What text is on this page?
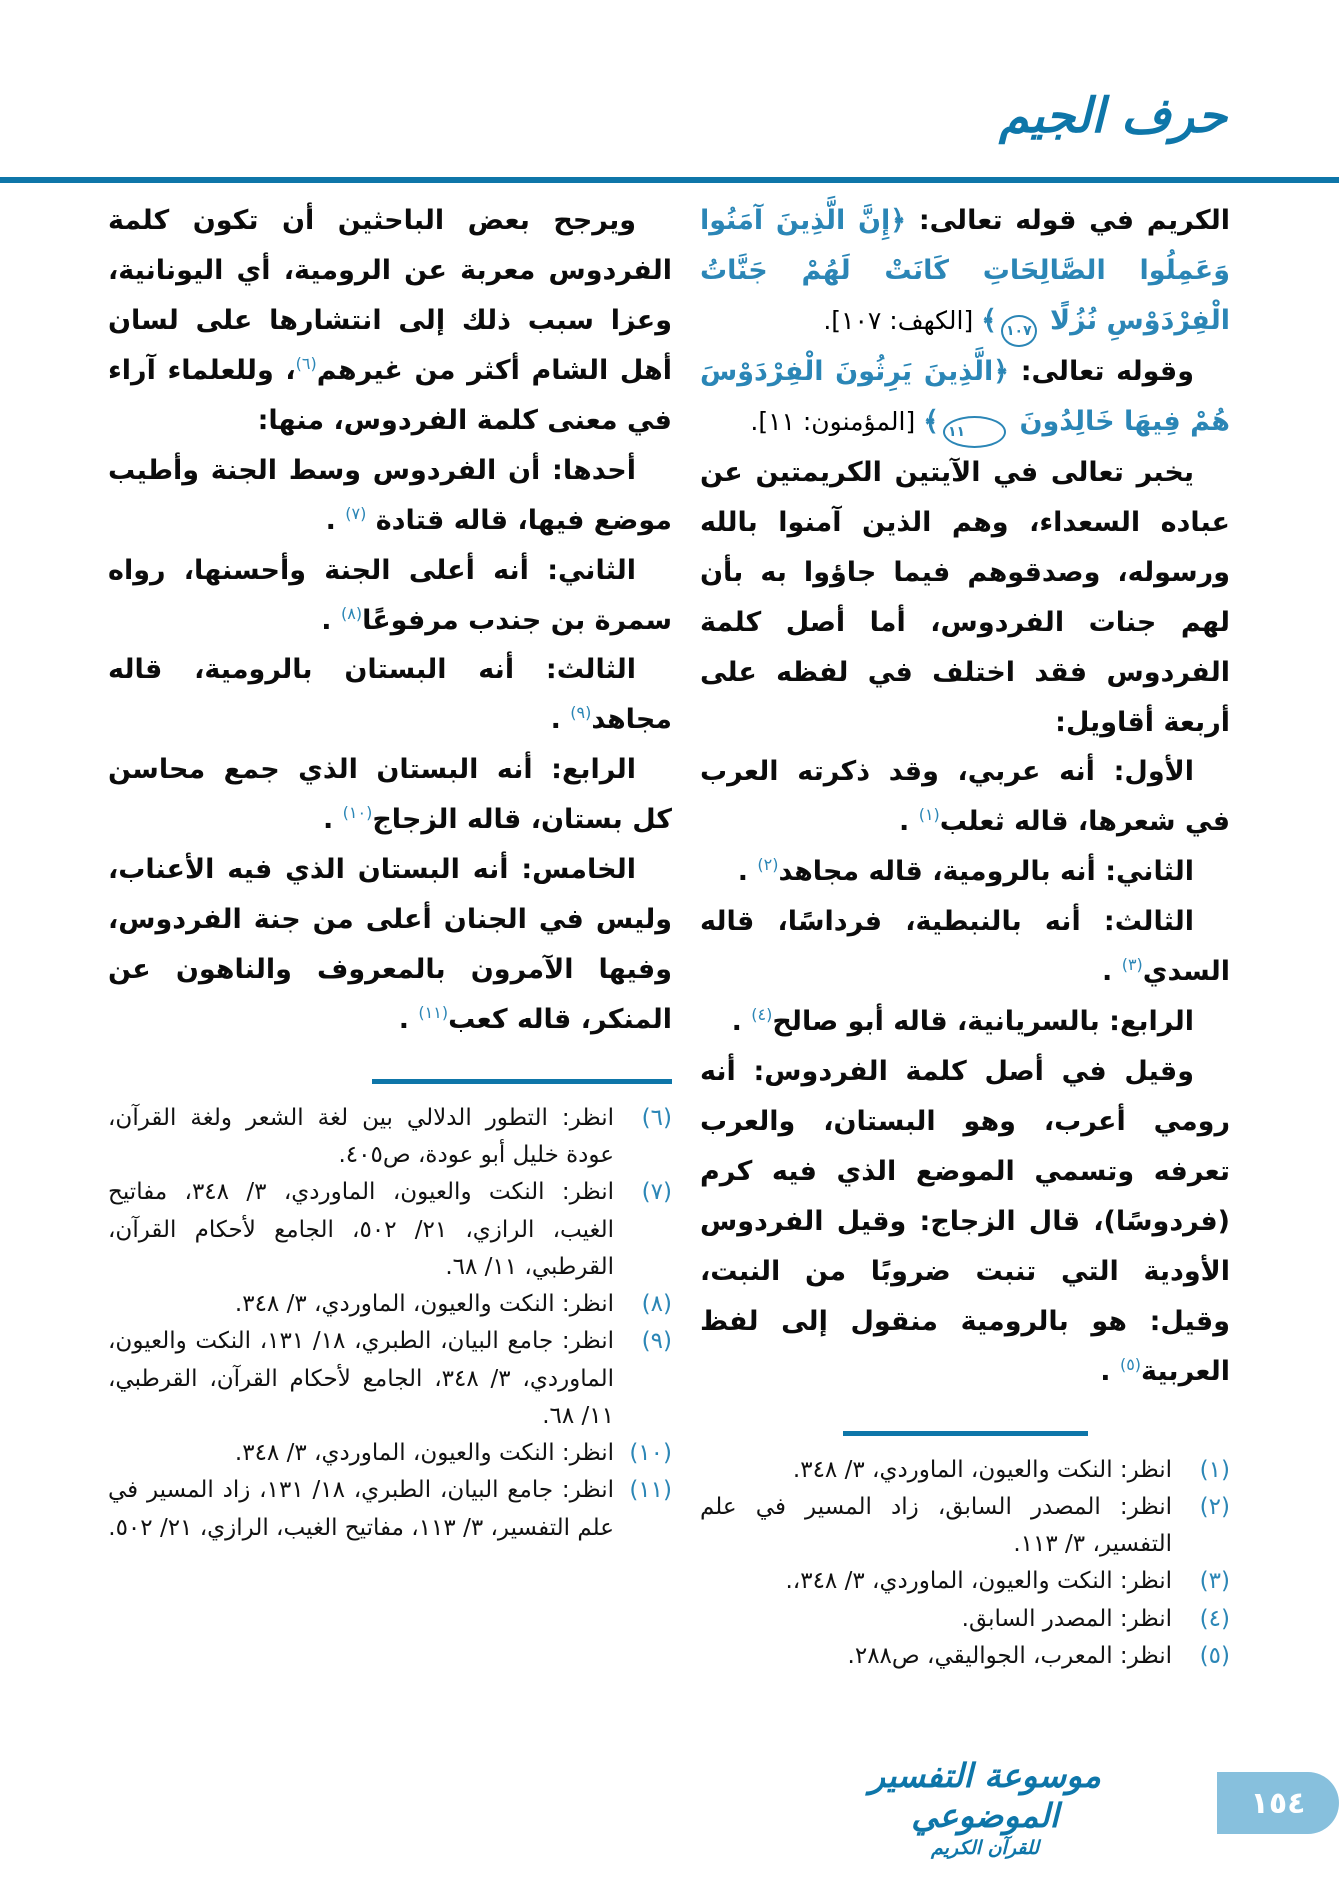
حرف الجيم

الكريم في قوله تعالى: ﴿إِنَّ الَّذِينَ آمَنُوا وَعَمِلُوا الصَّالِحَاتِ كَانَتْ لَهُمْ جَنَّاتُ الْفِرْدَوْسِ نُزُلًا ١٠٧﴾ [الكهف: ١٠٧].

وقوله تعالى: ﴿الَّذِينَ يَرِثُونَ الْفِرْدَوْسَ هُمْ فِيهَا خَالِدُونَ ١١﴾ [المؤمنون: ١١].

يخبر تعالى في الآيتين الكريمتين عن عباده السعداء، وهم الذين آمنوا بالله ورسوله، وصدقوهم فيما جاؤوا به بأن لهم جنات الفردوس، أما أصل كلمة الفردوس فقد اختلف في لفظه على أربعة أقاويل:

الأول: أنه عربي، وقد ذكرته العرب في شعرها، قاله ثعلب$^{(١)}$ .

الثاني: أنه بالرومية، قاله مجاهد$^{(٢)}$ .

الثالث: أنه بالنبطية، فرداسًا، قاله السدي$^{(٣)}$ .

الرابع: بالسريانية، قاله أبو صالح$^{(٤)}$ .

وقيل في أصل كلمة الفردوس: أنه رومي أعرب، وهو البستان، والعرب تعرفه وتسمي الموضع الذي فيه كرم (فردوسًا)، قال الزجاج: وقيل الفردوس الأودية التي تنبت ضروبًا من النبت، وقيل: هو بالرومية منقول إلى لفظ العربية$^{(٥)}$ .

(١)
انظر: النكت والعيون، الماوردي، ٣/ ٣٤٨.
(٢)
انظر: المصدر السابق، زاد المسير في علم التفسير، ٣/ ١١٣.
(٣)
انظر: النكت والعيون، الماوردي، ٣/ ٣٤٨،.
(٤)
انظر: المصدر السابق.
(٥)
انظر: المعرب، الجواليقي، ص٢٨٨.

ويرجح بعض الباحثين أن تكون كلمة الفردوس معربة عن الرومية، أي اليونانية، وعزا سبب ذلك إلى انتشارها على لسان أهل الشام أكثر من غيرهم$^{(٦)}$، وللعلماء آراء في معنى كلمة الفردوس، منها:

أحدها: أن الفردوس وسط الجنة وأطيب موضع فيها، قاله قتادة $^{(٧)}$ .

الثاني: أنه أعلى الجنة وأحسنها، رواه سمرة بن جندب مرفوعًا$^{(٨)}$ .

الثالث: أنه البستان بالرومية، قاله مجاهد$^{(٩)}$ .

الرابع: أنه البستان الذي جمع محاسن كل بستان، قاله الزجاج$^{(١٠)}$ .

الخامس: أنه البستان الذي فيه الأعناب، وليس في الجنان أعلى من جنة الفردوس، وفيها الآمرون بالمعروف والناهون عن المنكر، قاله كعب$^{(١١)}$ .

(٦)
انظر: التطور الدلالي بين لغة الشعر ولغة القرآن، عودة خليل أبو عودة، ص٤٠٥.
(٧)
انظر: النكت والعيون، الماوردي، ٣/ ٣٤٨، مفاتيح الغيب، الرازي، ٢١/ ٥٠٢، الجامع لأحكام القرآن، القرطبي، ١١/ ٦٨.
(٨)
انظر: النكت والعيون، الماوردي، ٣/ ٣٤٨.
(٩)
انظر: جامع البيان، الطبري، ١٨/ ١٣١، النكت والعيون، الماوردي، ٣/ ٣٤٨، الجامع لأحكام القرآن، القرطبي، ١١/ ٦٨.
(١٠)
انظر: النكت والعيون، الماوردي، ٣/ ٣٤٨.
(١١)
انظر: جامع البيان، الطبري، ١٨/ ١٣١، زاد المسير في علم التفسير، ٣/ ١١٣، مفاتيح الغيب، الرازي، ٢١/ ٥٠٢.
موسوعة التفسير الموضوعي
للقرآن الكريم
١٥٤
